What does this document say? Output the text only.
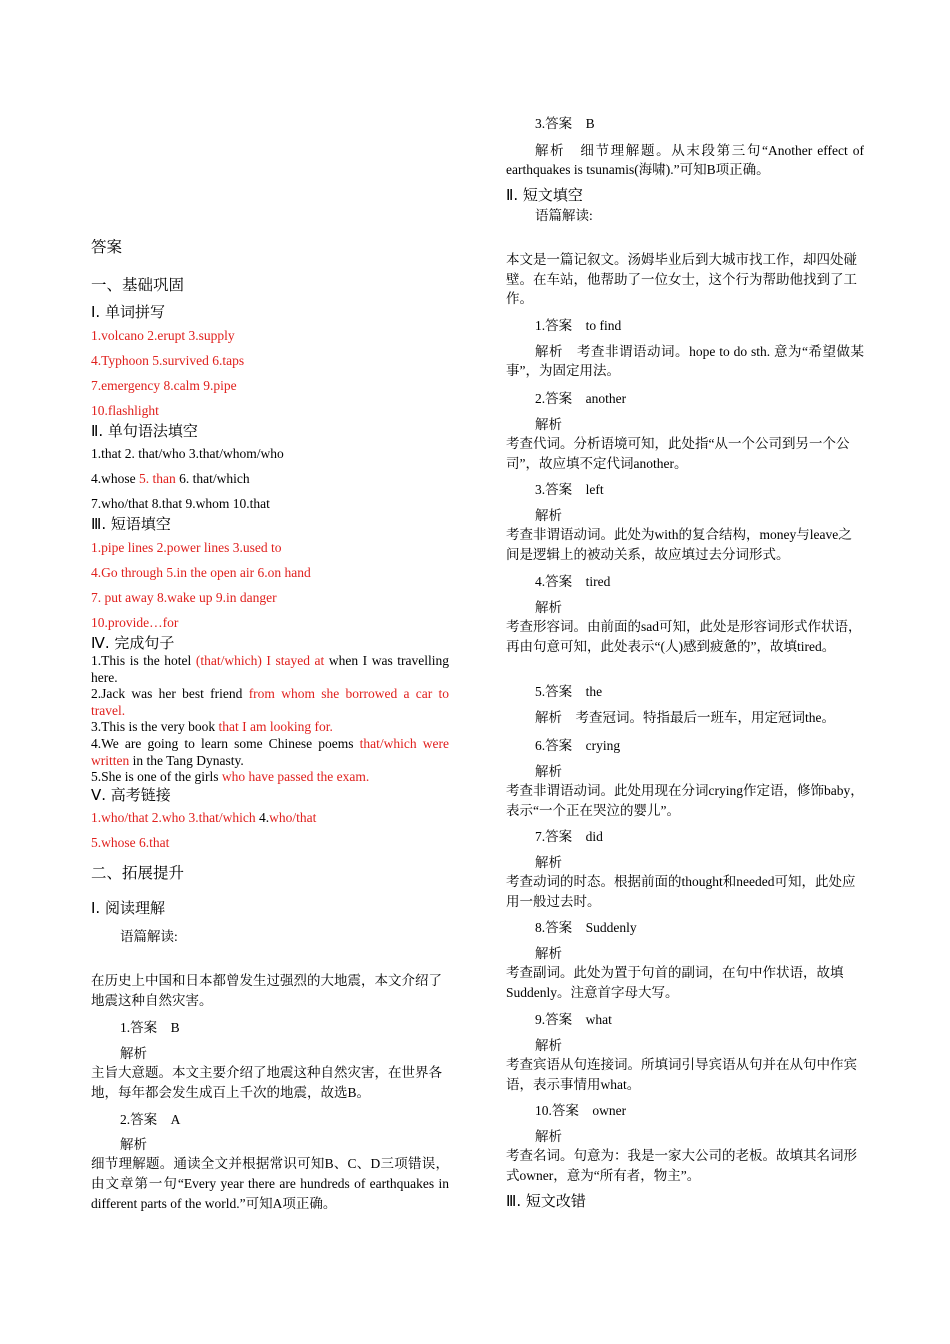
答案
一、基础巩固
Ⅰ. 单词拼写
1.volcano 2.erupt 3.supply
4.Typhoon 5.survived 6.taps
7.emergency 8.calm 9.pipe
10.flashlight
Ⅱ. 单句语法填空
1.that 2. that/who 3.that/whom/who
4.whose 5. than 6. that/which
7.who/that 8.that 9.whom 10.that
Ⅲ. 短语填空
1.pipe lines 2.power lines 3.used to
4.Go through 5.in the open air 6.on hand
7. put away 8.wake up 9.in danger
10.provide…for
Ⅳ. 完成句子
1.This is the hotel (that/which) I stayed at when I was travelling here.
2.Jack was her best friend from whom she borrowed a car to travel.
3.This is the very book that I am looking for.
4.We are going to learn some Chinese poems that/which were written in the Tang Dynasty.
5.She is one of the girls who have passed the exam.
Ⅴ. 高考链接
1.who/that 2.who 3.that/which 4.who/that
5.whose 6.that
二、拓展提升
Ⅰ. 阅读理解
语篇解读:
在历史上中国和日本都曾发生过强烈的大地震，本文介绍了地震这种自然灾害。
1.答案　B
解析
主旨大意题。本文主要介绍了地震这种自然灾害，在世界各地，每年都会发生成百上千次的地震，故选B。
2.答案　A
解析
细节理解题。通读全文并根据常识可知B、C、D三项错误，由文章第一句“Every year there are hundreds of earthquakes in different parts of the world.”可知A项正确。
3.答案　B
解析　细节理解题。从末段第三句“Another effect of earthquakes is tsunamis(海啸).”可知B项正确。
Ⅱ. 短文填空
语篇解读:
本文是一篇记叙文。汤姆毕业后到大城市找工作，却四处碰壁。在车站，他帮助了一位女士，这个行为帮助他找到了工作。
1.答案　to find
解析　考查非谓语动词。hope to do sth. 意为“希望做某事”，为固定用法。
2.答案　another
解析
考查代词。分析语境可知，此处指“从一个公司到另一个公司”，故应填不定代词another。
3.答案　left
解析
考查非谓语动词。此处为with的复合结构，money与leave之间是逻辑上的被动关系，故应填过去分词形式。
4.答案　tired
解析
考查形容词。由前面的sad可知，此处是形容词形式作状语，再由句意可知，此处表示“(人)感到疲惫的”，故填tired。
5.答案　the
解析　考查冠词。特指最后一班车，用定冠词the。
6.答案　crying
解析
考查非谓语动词。此处用现在分词crying作定语，修饰baby，表示“一个正在哭泣的婴儿”。
7.答案　did
解析
考查动词的时态。根据前面的thought和needed可知，此处应用一般过去时。
8.答案　Suddenly
解析
考查副词。此处为置于句首的副词，在句中作状语，故填Suddenly。注意首字母大写。
9.答案　what
解析
考查宾语从句连接词。所填词引导宾语从句并在从句中作宾语，表示事情用what。
10.答案　owner
解析
考查名词。句意为：我是一家大公司的老板。故填其名词形式owner，意为“所有者，物主”。
Ⅲ. 短文改错
